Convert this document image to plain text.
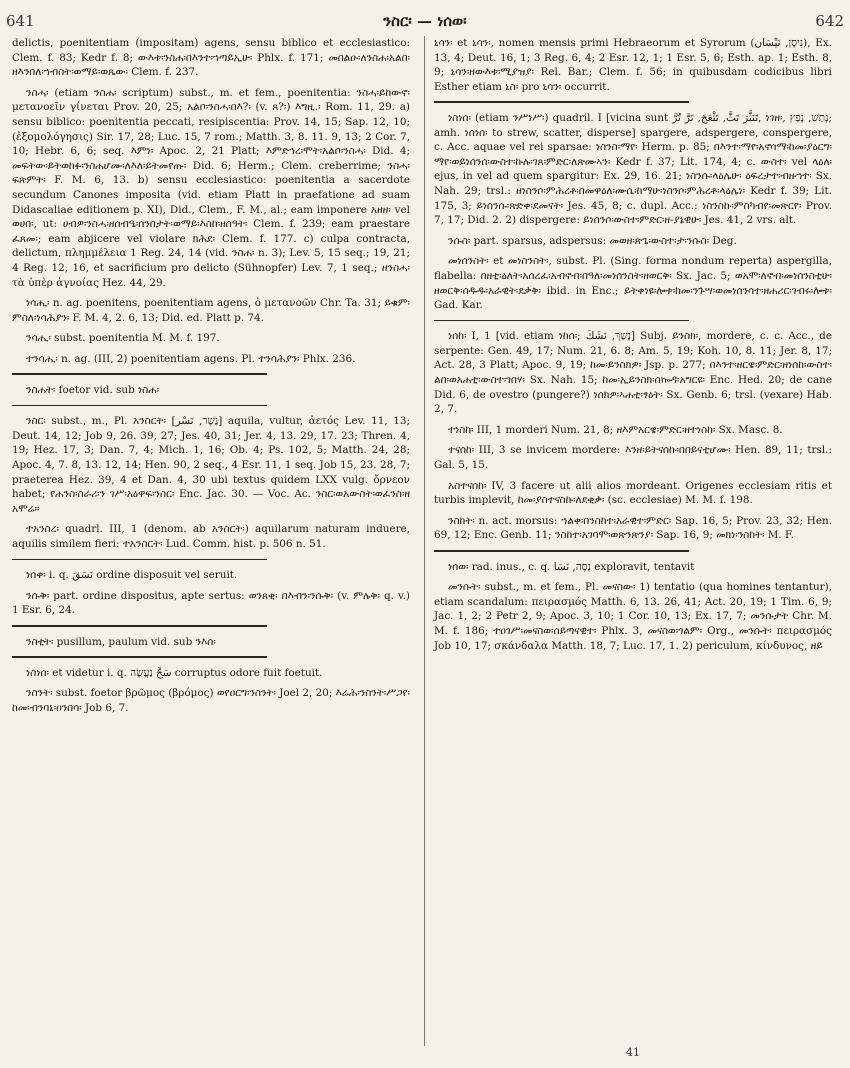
641	ንስር፡ — ነሰወ፡	642

delictis, poenitentiam (impositam) agens, sensu biblico et ecclesiastico: Clem. f. 83; Kedr f. 8; ውእቱ፡ንስሐ፡በእንተ፡ኀጣይኢሁ፡ Phlx. f. 171; መበልዑ፡ለንስሐ፡አልበ፡ዘእንበለ፡ኀብስት፡ወማይ፡ወጼው፡ Clem. f. 237.

ንስሓ፡ (etiam ንስሐ፡ scriptum) subst., m. et fem., poenitentia: ንስሓ፡ይከውኖ፡ μετανοεῖν γίνεται Prov. 20, 25; አልቦ፡ንስሓ፡በእ?፡ (v. ጸ?፡) እግዚ.፡ Rom. 11, 29. a) sensu biblico: poenitentia peccati, resipiscentia: Prov. 14, 15; Sap. 12, 10; (ἐξομολόγησις) Sir. 17, 28; Luc. 15, 7 rom.; Matth. 3, 8. 11. 9, 13; 2 Cor. 7, 10; Hebr. 6, 6; seq. እምነ፡ Apoc. 2, 21 Platt; እምድኅረ፡ሞት፡አልቦ፡ንስሓ፡ Did. 4; መፍትው፡ይትወከፉ፡ንስሐሆሙ፡ለእለ፡ይትመየጡ፡ Did. 6; Herm.; Clem. creberrime; ንስሓ፡ፍጽምት፡ F. M. 6, 13. b) sensu ecclesiastico: poenitentia a sacerdote secundum Canones imposita (vid. etiam Platt in praefatione ad suam Didascaliae editionem p. XI), Did., Clem., F. M., al.; eam imponere አዘዘ፡ vel ወሀበ፡, ut: ሀብዎ፡ንስሓ፡ዘሰብዔ፡ሰንበታት፡ወማይ፡እስከ፡ዘሰዓት፡ Clem. f. 239; eam praestare ፈጸመ፡; eam abjicere vel violare ክሕደ፡ Clem. f. 177. c) culpa contracta, delictum, πλημμέλεια 1 Reg. 24, 14 (vid. ንስሐ፡ n. 3); Lev. 5, 15 seq.; 19, 21; 4 Reg. 12, 16, et sacrificium pro delicto (Sühnopfer) Lev. 7, 1 seq.; ዘንስሓ፡ τὰ ὑπὲρ ἀγνοίας Hez. 44, 29.

ነሳሒ፡ n. ag. poenitens, poenitentiam agens, ὁ μετανοῶν Chr. Ta. 31; ይቁም፡ምስለ፡ነሳሕያን፡ F. M. 4, 2. 6, 13; Did. ed. Platt p. 74.

ንሳሒ፡ subst. poenitentia M. M. f. 197.

ተንሳሒ፡ n. ag. (III, 2) poenitentiam agens. Pl. ተንሳሕያን፡ Phlx. 236.

ንስሐት፡ foetor vid. sub ነስሐ፡

ንስር፡ subst., m., Pl. አንስርት፡ [נֶשֶׁר, نَسْر] aquila, vultur, ἀετός Lev. 11, 13; Deut. 14, 12; Job 9, 26. 39, 27; Jes. 40, 31; Jer. 4, 13. 29, 17. 23; Thren. 4, 19; Hez. 17, 3; Dan. 7, 4; Mich. 1, 16; Ob. 4; Ps. 102, 5; Matth. 24, 28; Apoc. 4, 7. 8, 13. 12, 14; Hen. 90, 2 seq., 4 Esr. 11, 1 seq. Job 15, 23. 28, 7; praeterea Hez. 39, 4 et Dan. 4, 30 ubi textus quidem LXX vulg. ὄρνεον habet; የሐንስ፡ስራሪ፡ን ገሥ፡አዕዋፍ፡ንስር፡ Enc. Jac. 30. — Voc. Ac. ንስር፡ወአውስት፡ወፈንስ፡ዘ አሞሬ።

ተአንስረ፡ quadrl. III, 1 (denom. ab አንስርት፡) aquilarum naturam induere, aquilis similem fieri: ተአንስርት፡ Lud. Comm. hist. p. 506 n. 51.

ነሰቀ፡ i. q. نَسَقَ ordine disposuit vel seruit.

ንሱቅ፡ part. ordine dispositus, apte sertus: ወንጸቂ፡ በእብን፡ንሱቅ፡ (v. ምሉቅ፡ q. v.) 1 Esr. 6, 24.

ንስቲት፡ pusillum, paulum vid. sub ንእሰ፡

ነስነሰ፡ et videtur i. q. سَحَّ נַעֲשֶׂה corruptus odore fuit foetuit.

ንስንት፡ subst. foetor βρῶμος (βρόμος) ወየዐርግ፡ንስንት፡ Joel 2, 20; እሬሕ፡ንስንት፡ሥጋየ፡ከመ፡ብንባኒ፡ዐንበሳ፡ Job 6, 7.

ኒሳን፡ et ኒሳን፡, nomen mensis primi Hebraeorum et Syrorum (נִיסָן, نَيْسَان), Ex. 13, 4; Deut. 16, 1; 3 Reg. 6, 4; 2 Esr. 12, 1; 1 Esr. 5, 6; Esth. ap. 1; Esth. 8, 9; ኒሳን፡ዘውእቱ፡ሚያዝያ፡ Rel. Bar.; Clem. f. 56; in quibusdam codicibus libri Esther etiam ኒስ፡ pro ኒሳን፡ occurrit.

ነስነሰ፡ (etiam ንሥነሥ፡) quadril. I [vicina sunt تَنَثَّرَ تَثَّ, تَثْعَجَ, تَرَّ تُرَّ, ነገዘ፡, נָתַשׁ, נָפַץ; amh. ነሰነሰ፡ to strew, scatter, disperse] spargere, adspergere, conspergere, c. Acc. aquae vel rei sparsae: ነስንስ፡ማየ፡ Herm. p. 85; በእንተ፡ማየ፡አኖሳማ፡ከመ፡ያዕርግ፡ማየ፡ወይነሰንሰ፡ውስተ፡ኩሉ፡ገጸ፡ምድር፡ለጽሙኣን፡ Kedr f. 37; Lit. 174, 4; c. ውስተ፡ vel ላዕለ፡ ejus, in vel ad quem spargitur: Ex. 29, 16. 21; ነስንሱ፡ላዕሌሁ፡ ዕፍረታተ፡ብዙኀተ፡ Sx. Nah. 29; trsl.: ዘነስንሶ፡ምሕረቶ፡በመዋዕለ፡ሙሴ፡ከማሁ፡ነስንሶ፡ምሕረቶ፡ላዕሌነ፡ Kedr f. 39; Lit. 175, 3; ይነሰንሱ፡ጽድቀ፡ደመናት፡ Jes. 45, 8; c. dupl. Acc.: ነስንስኩ፡ምስካብየ፡መጽርየ፡ Prov. 7, 17; Did. 2. 2) dispergere: ይነሰንሶ፡ውስተ፡ምድር፡ዘ-ያኔዊሁ፡ Jes. 41, 2 vrs. alt.

ንሱስ፡ part. sparsus, adspersus: መወዘ፡ጽጌ፡ውስተ፡ታ፡ንሱስ፡ Deg.

መነሰንስት፡ et መነስንስት፡, subst. Pl. (Sing. forma nondum reperta) aspergilla, flabella: በዘቲ፡ዕለት፡አሰረፈ፡አብኖብ፡በዓለ፡መነሰንስት፡ዘወርቅ፡ Sx. Jac. 5; ወአሞ፡ለኖብ፡መነሰንስቲሁ፡ዘወርቅ፡ሰዱዱ፡አራዊት፡ደቃቅ፡ ibid. in Enc.; ይትቀነዩ፡ሎቱ፡ከመ፡ንጉሣ፡ወመነሰንሳተ፡ዘሐሪር፡ገብሩ፡ሎቱ፡ Gad. Kar.

ነሰከ፡ I, 1 [vid. etiam ነከሰ፡; נָשַׁךְ, نَشَكَ] Subj. ይንስክ፡, mordere, c. c. Acc., de serpente: Gen. 49, 17; Num. 21, 6. 8; Am. 5, 19; Koh. 10, 8. 11; Jer. 8, 17; Act. 28, 3 Platt; Apoc. 9, 19; ከመ፡ይንስክዎ፡ Jsp. p. 277; በእንተ፡ዘርዌ፡ምድር፡ዘነሰከ፡ውስተ፡ልበ፡ወአሐቲ፡ውስተ፡ገበሃ፡ Sx. Nah. 15; ከመ፡ኢይንስክ፡ሰኰዳ፡አግርዩ፡ Enc. Hed. 20; de cane Did. 6, de ovestro (pungere?) ነሰክዎ፡ኣሐቲ፡ፃዕት፡ Sx. Genb. 6; trsl. (vexare) Hab. 2, 7.

ተነስከ፡ III, 1 morderi Num. 21, 8; ዘእምአርዌ፡ምድር፡ዘተነስከ፡ Sx. Masc. 8.

ተናሰከ፡ III, 3 se invicem mordere: እንዘ፡ይትናሰኩ፡በበይናቲሆሙ፡ Hen. 89, 11; trsl.: Gal. 5, 15.

አስተናሰከ፡ IV, 3 facere ut alii alios mordeant. Origenes ecclesiam ritis et turbis implevit, ከመ፡ያስተናስኩ፡ለደቂቃ፡ (sc. ecclesiae) M. M. f. 198.

ንስከት፡ n. act. morsus: ኀልቀ፡በንስከተ፡አራዊተ፡ምድር፡ Sap. 16, 5; Prov. 23, 32; Hen. 69, 12; Enc. Genb. 11; ንስከተ፡አገባሞ፡ወጽንጽንያ፡ Sap. 16, 9; መክነ፡ንስከት፡ M. F.

ነሰወ፡ rad. inus., c. q. נָסָה, نَسَا exploravit, tentavit

መንሱት፡ subst., m. et fem., Pl. መናስው፡ 1) tentatio (qua homines tentantur), etiam scandalum: πειρασμός Matth. 6, 13. 26, 41; Act. 20, 19; 1 Tim. 6, 9; Jac. 1, 2; 2 Petr 2, 9; Apoc. 3, 10; 1 Cor. 10, 13; Ex. 17, 7; መንሱታት Chr. M. M. f. 186; ተዐገሥ፡መናስወ፡ሰይጣናዊተ፡ Phlx. 3, መናስወ፡ጎልም፡ Org., መንሱት፡ πειρασμός Job 10, 17; σκάνδαλα Matth. 18, 7; Luc. 17, 1. 2) periculum, κίνδυνος, ዘይ

41
